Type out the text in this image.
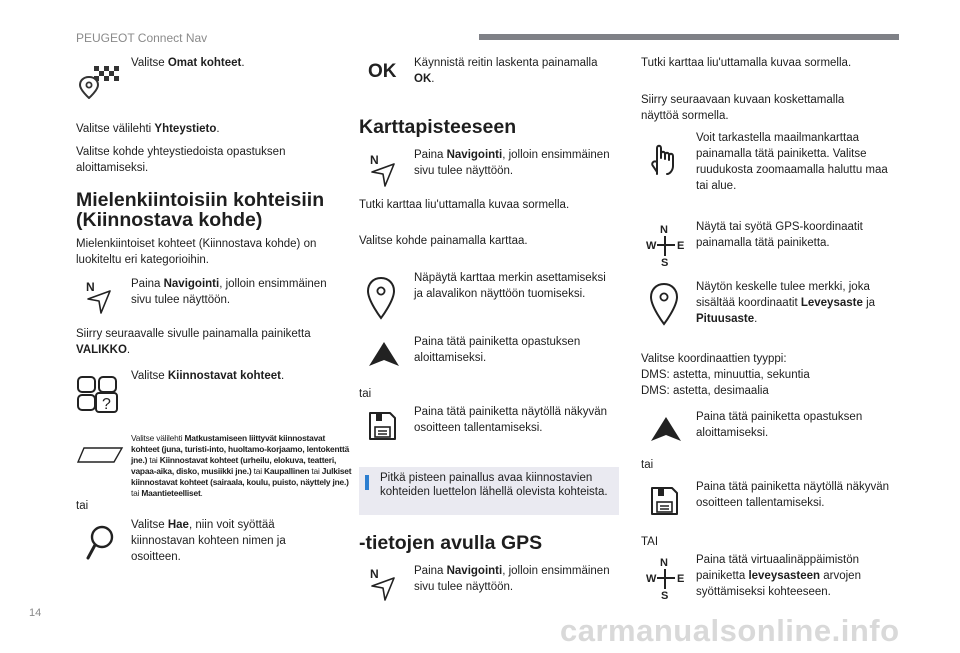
PEUGEOT Connect Nav

Valitse Omat kohteet.

Valitse välilehti Yhteystieto.

Valitse kohde yhteystiedoista opastuksen aloittamiseksi.

Mielenkiintoisiin kohteisiin (Kiinnostava kohde)

Mielenkiintoiset kohteet (Kiinnostava kohde) on luokiteltu eri kategorioihin.

N	Paina Navigointi, jolloin ensimmäinen sivu tulee näyttöön.

Siirry seuraavalle sivulle painamalla painiketta VALIKKO.

?

Valitse Kiinnostavat kohteet.

Valitse välilehti Matkustamiseen liittyvät kiinnostavat kohteet (juna, turisti-into, huoltamo-korjaamo, lentokenttä jne.) tai Kiinnostavat kohteet (urheilu, elokuva, teatteri, vapaa-aika, disko, musiikki jne.) tai Kaupallinen tai Julkiset kiinnostavat kohteet (sairaala, koulu, puisto, näyttely jne.) tai Maantieteelliset.

tai

Valitse Hae, niin voit syöttää kiinnostavan kohteen nimen ja osoitteen.

OK Käynnistä reitin laskenta painamalla OK.

Karttapisteeseen
N	Paina Navigointi, jolloin ensimmäinen sivu tulee näyttöön.

Tutki karttaa liu'uttamalla kuvaa sormella.

Valitse kohde painamalla karttaa.

Näpäytä karttaa merkin asettamiseksi ja alavalikon näyttöön tuomiseksi.

Paina tätä painiketta opastuksen aloittamiseksi.

tai

Paina tätä painiketta näytöllä näkyvän osoitteen tallentamiseksi.

Pitkä pisteen painallus avaa kiinnostavien kohteiden luettelon lähellä olevista kohteista.

-tietojen avulla GPS
N	Paina Navigointi, jolloin ensimmäinen sivu tulee näyttöön.

Tutki karttaa liu'uttamalla kuvaa sormella.

Siirry seuraavaan kuvaan koskettamalla näyttöä sormella.

Voit tarkastella maailmankarttaa painamalla tätä painiketta. Valitse ruudukosta zoomaamalla haluttu maa tai alue.

N
W E
S

Näytä tai syötä GPS-koordinaatit painamalla tätä painiketta.

Näytön keskelle tulee merkki, joka sisältää koordinaatit Leveysaste ja Pituusaste.

Valitse koordinaattien tyyppi:

DMS: astetta, minuuttia, sekuntia

DMS: astetta, desimaalia

Paina tätä painiketta opastuksen aloittamiseksi.

tai

Paina tätä painiketta näytöllä näkyvän osoitteen tallentamiseksi.

TAI

N
W E
S

Paina tätä virtuaalinäppäimistön painiketta leveysasteen arvojen syöttämiseksi kohteeseen.

14	carmanualsonline.info
